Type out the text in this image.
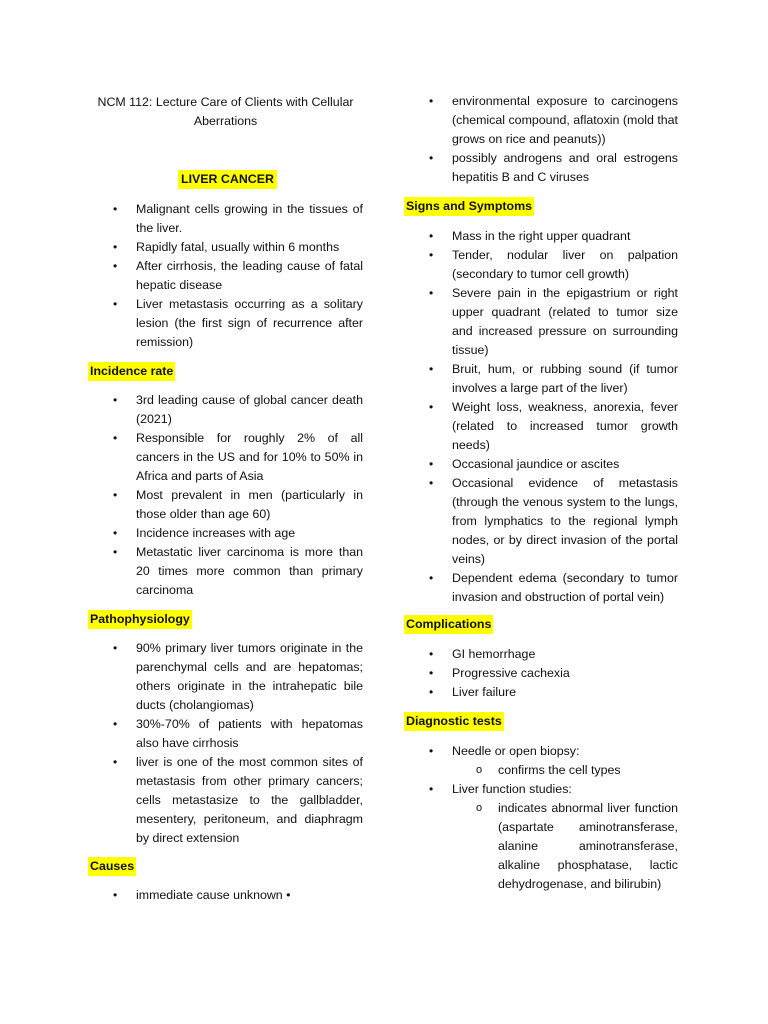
NCM 112: Lecture Care of Clients with Cellular
Aberrations
LIVER CANCER
• Malignant cells growing in the tissues of the liver.
• Rapidly fatal, usually within 6 months
• After cirrhosis, the leading cause of fatal hepatic disease
• Liver metastasis occurring as a solitary lesion (the first sign of recurrence after remission)
Incidence rate
• 3rd leading cause of global cancer death (2021)
• Responsible for roughly 2% of all cancers in the US and for 10% to 50% in Africa and parts of Asia
• Most prevalent in men (particularly in those older than age 60)
• Incidence increases with age
• Metastatic liver carcinoma is more than 20 times more common than primary carcinoma
Pathophysiology
• 90% primary liver tumors originate in the parenchymal cells and are hepatomas; others originate in the intrahepatic bile ducts (cholangiomas)
• 30%-70% of patients with hepatomas also have cirrhosis
• liver is one of the most common sites of metastasis from other primary cancers; cells metastasize to the gallbladder, mesentery, peritoneum, and diaphragm by direct extension
Causes
• immediate cause unknown •
• environmental exposure to carcinogens (chemical compound, aflatoxin (mold that grows on rice and peanuts))
• possibly androgens and oral estrogens hepatitis B and C viruses
Signs and Symptoms
• Mass in the right upper quadrant
• Tender, nodular liver on palpation (secondary to tumor cell growth)
• Severe pain in the epigastrium or right upper quadrant (related to tumor size and increased pressure on surrounding tissue)
• Bruit, hum, or rubbing sound (if tumor involves a large part of the liver)
• Weight loss, weakness, anorexia, fever (related to increased tumor growth needs)
• Occasional jaundice or ascites
• Occasional evidence of metastasis (through the venous system to the lungs, from lymphatics to the regional lymph nodes, or by direct invasion of the portal veins)
• Dependent edema (secondary to tumor invasion and obstruction of portal vein)
Complications
• GI hemorrhage
• Progressive cachexia
• Liver failure
Diagnostic tests
• Needle or open biopsy:
o confirms the cell types
• Liver function studies:
o indicates abnormal liver function (aspartate aminotransferase, alanine aminotransferase, alkaline phosphatase, lactic dehydrogenase, and bilirubin)
